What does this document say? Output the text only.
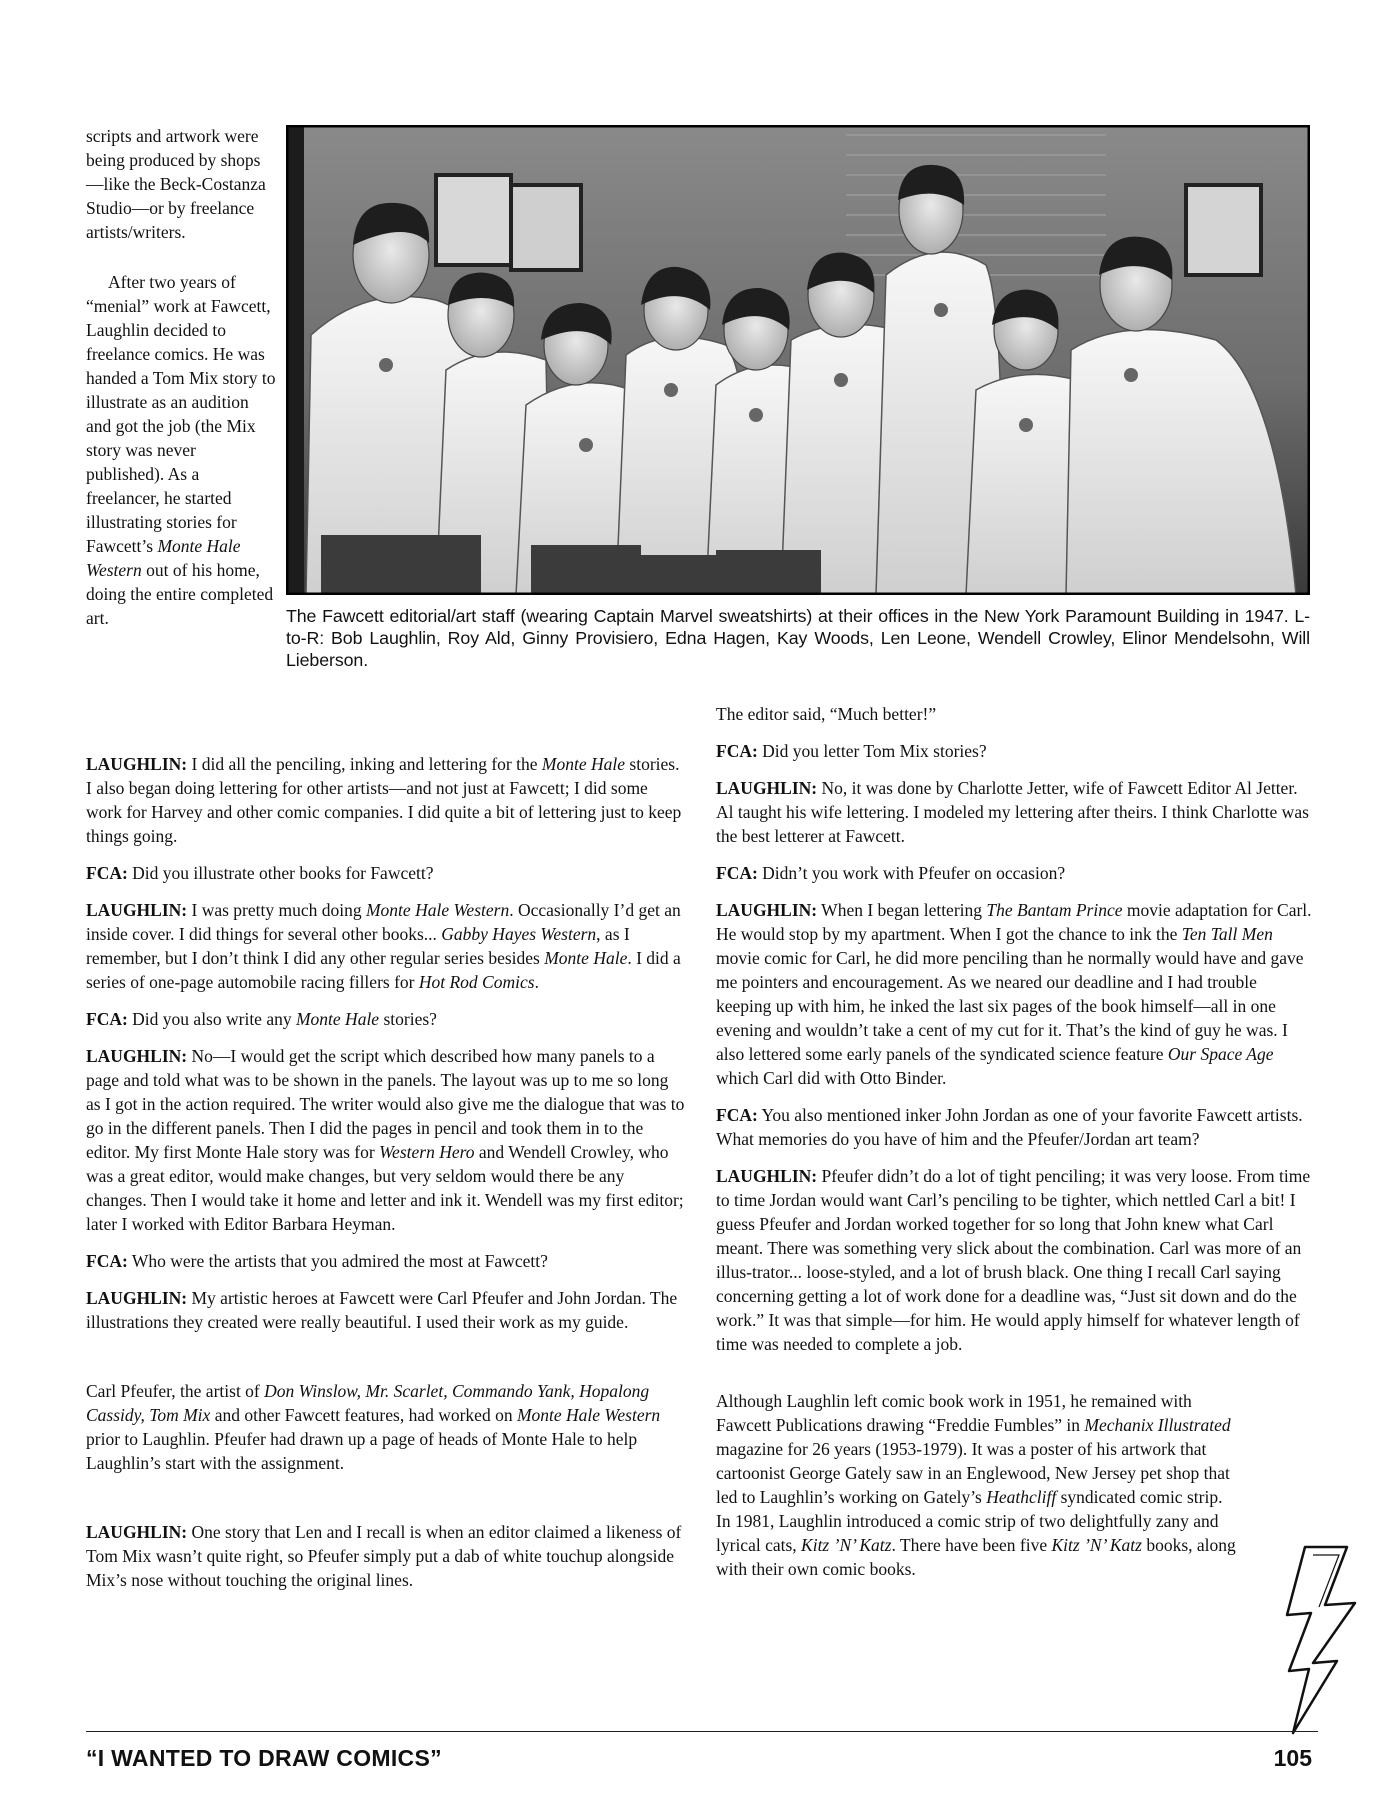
scripts and artwork were being produced by shops—like the Beck-Costanza Studio—or by freelance artists/writers.

After two years of “menial” work at Fawcett, Laughlin decided to freelance comics. He was handed a Tom Mix story to illustrate as an audition and got the job (the Mix story was never published). As a freelancer, he started illustrating stories for Fawcett’s Monte Hale Western out of his home, doing the entire completed art.	The Fawcett editorial/art staff (wearing Captain Marvel sweatshirts) at their offices in the New York Paramount Building in 1947. L-to-R: Bob Laughlin, Roy Ald, Ginny Provisiero, Edna Hagen, Kay Woods, Len Leone, Wendell Crowley, Elinor Mendelsohn, Will Lieberson.

LAUGHLIN: I did all the penciling, inking and lettering for the Monte Hale stories. I also began doing lettering for other artists—and not just at Fawcett; I did some work for Harvey and other comic companies. I did quite a bit of lettering just to keep things going.

FCA: Did you illustrate other books for Fawcett?

LAUGHLIN: I was pretty much doing Monte Hale Western. Occasionally I’d get an inside cover. I did things for several other books... Gabby Hayes Western, as I remember, but I don’t think I did any other regular series besides Monte Hale. I did a series of one-page automobile racing fillers for Hot Rod Comics.

FCA: Did you also write any Monte Hale stories?

LAUGHLIN: No—I would get the script which described how many panels to a page and told what was to be shown in the panels. The layout was up to me so long as I got in the action required. The writer would also give me the dialogue that was to go in the different panels. Then I did the pages in pencil and took them in to the editor. My first Monte Hale story was for Western Hero and Wendell Crowley, who was a great editor, would make changes, but very seldom would there be any changes. Then I would take it home and letter and ink it. Wendell was my first editor; later I worked with Editor Barbara Heyman.

FCA: Who were the artists that you admired the most at Fawcett?

LAUGHLIN: My artistic heroes at Fawcett were Carl Pfeufer and John Jordan. The illustrations they created were really beautiful. I used their work as my guide.

Carl Pfeufer, the artist of Don Winslow, Mr. Scarlet, Commando Yank, Hopalong Cassidy, Tom Mix and other Fawcett features, had worked on Monte Hale Western prior to Laughlin. Pfeufer had drawn up a page of heads of Monte Hale to help Laughlin’s start with the assignment.

LAUGHLIN: One story that Len and I recall is when an editor claimed a likeness of Tom Mix wasn’t quite right, so Pfeufer simply put a dab of white touchup alongside Mix’s nose without touching the original lines.

The editor said, “Much better!”

FCA: Did you letter Tom Mix stories?

LAUGHLIN: No, it was done by Charlotte Jetter, wife of Fawcett Editor Al Jetter. Al taught his wife lettering. I modeled my lettering after theirs. I think Charlotte was the best letterer at Fawcett.

FCA: Didn’t you work with Pfeufer on occasion?

LAUGHLIN: When I began lettering The Bantam Prince movie adaptation for Carl. He would stop by my apartment. When I got the chance to ink the Ten Tall Men movie comic for Carl, he did more penciling than he normally would have and gave me pointers and encouragement. As we neared our deadline and I had trouble keeping up with him, he inked the last six pages of the book himself—all in one evening and wouldn’t take a cent of my cut for it. That’s the kind of guy he was. I also lettered some early panels of the syndicated science feature Our Space Age which Carl did with Otto Binder.

FCA: You also mentioned inker John Jordan as one of your favorite Fawcett artists. What memories do you have of him and the Pfeufer/Jordan art team?

LAUGHLIN: Pfeufer didn’t do a lot of tight penciling; it was very loose. From time to time Jordan would want Carl’s penciling to be tighter, which nettled Carl a bit! I guess Pfeufer and Jordan worked together for so long that John knew what Carl meant. There was something very slick about the combination. Carl was more of an illus-trator... loose-styled, and a lot of brush black. One thing I recall Carl saying concerning getting a lot of work done for a deadline was, “Just sit down and do the work.” It was that simple—for him. He would apply himself for whatever length of time was needed to complete a job.

Although Laughlin left comic book work in 1951, he remained with Fawcett Publications drawing “Freddie Fumbles” in Mechanix Illustrated magazine for 26 years (1953-1979). It was a poster of his artwork that cartoonist George Gately saw in an Englewood, New Jersey pet shop that led to Laughlin’s working on Gately’s Heathcliff syndicated comic strip. In 1981, Laughlin introduced a comic strip of two delightfully zany and lyrical cats, Kitz ’N’ Katz. There have been five Kitz ’N’ Katz books, along with their own comic books.

“I WANTED TO DRAW COMICS”	105
